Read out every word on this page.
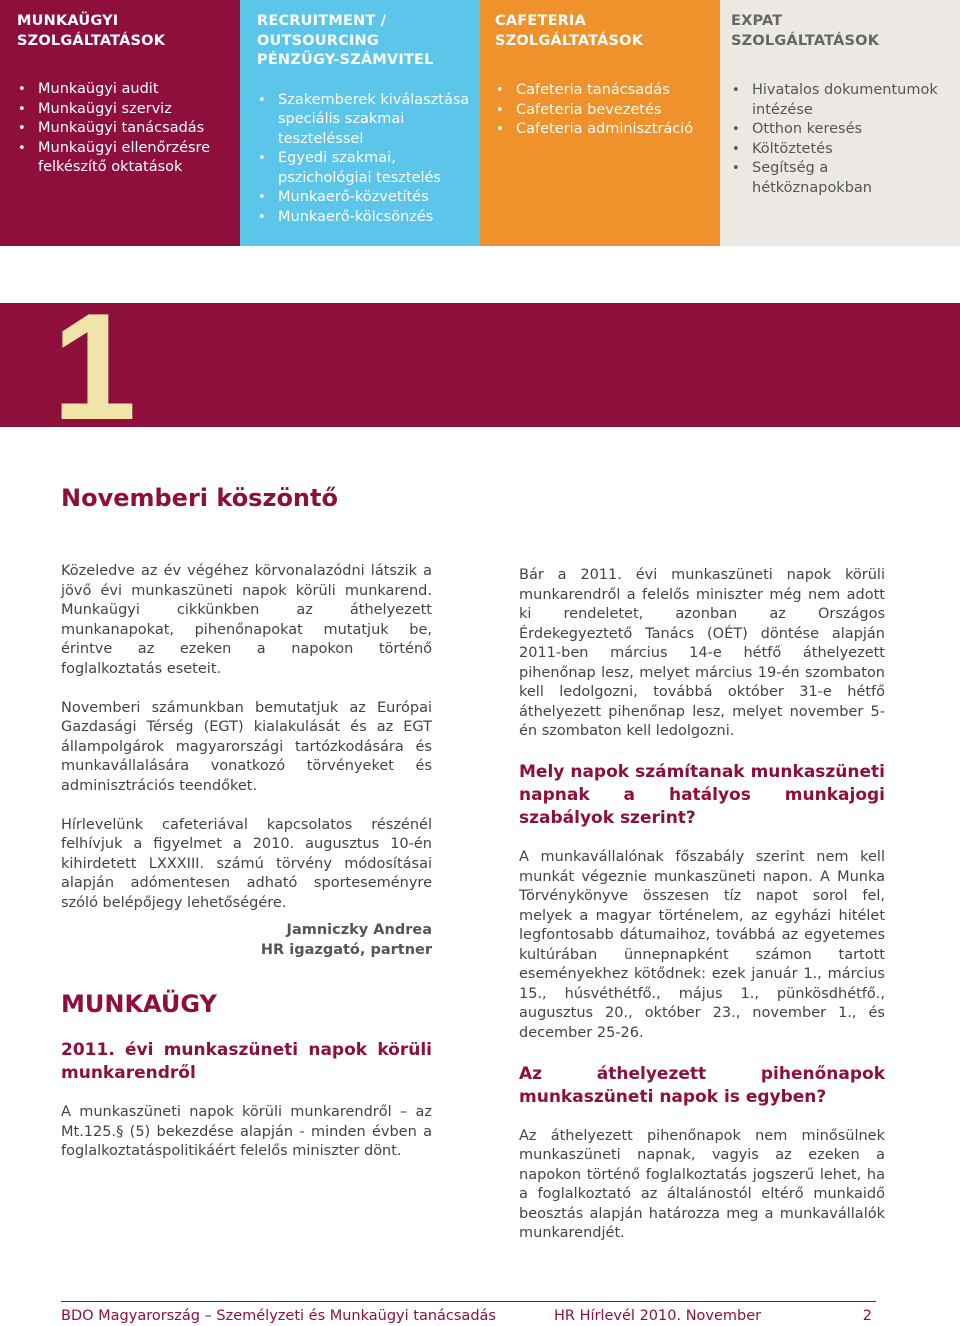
MUNKAÜGYI
SZOLGÁLTATÁSOK
• Munkaügyi audit
• Munkaügyi szerviz
• Munkaügyi tanácsadás
• Munkaügyi ellenőrzésre felkészítő oktatások
RECRUITMENT /
OUTSOURCING
PÉNZÜGY-SZÁMVITEL
• Szakemberek kiválasztása speciális szakmai teszteléssel
• Egyedi szakmai, pszichológiai tesztelés
• Munkaerő-közvetítés
• Munkaerő-kölcsönzés
CAFETERIA
SZOLGÁLTATÁSOK
• Cafeteria tanácsadás
• Cafeteria bevezetés
• Cafeteria adminisztráció
EXPAT
SZOLGÁLTATÁSOK
• Hivatalos dokumentumok intézése
• Otthon keresés
• Költöztetés
• Segítség a hétköznapokban
1
Novemberi köszöntő

Közeledve az év végéhez körvonalazódni látszik a jövő évi munkaszüneti napok körüli munkarend. Munkaügyi cikkünkben az áthelyezett munkanapokat, pihenőnapokat mutatjuk be, érintve az ezeken a napokon történő foglalkoztatás eseteit.

Novemberi számunkban bemutatjuk az Európai Gazdasági Térség (EGT) kialakulását és az EGT állampolgárok magyarországi tartózkodására és munkavállalására vonatkozó törvényeket és adminisztrációs teendőket.

Hírlevelünk cafeteriával kapcsolatos részénél felhívjuk a figyelmet a 2010. augusztus 10-én kihirdetett LXXXIII. számú törvény módosításai alapján adómentesen adható sporteseményre szóló belépőjegy lehetőségére.

Jamniczky Andrea
HR igazgató, partner
MUNKAÜGY
2011. évi munkaszüneti napok körüli munkarendről

A munkaszüneti napok körüli munkarendről – az Mt.125.§ (5) bekezdése alapján - minden évben a foglalkoztatáspolitikáért felelős miniszter dönt.

Bár a 2011. évi munkaszüneti napok körüli munkarendről a felelős miniszter még nem adott ki rendeletet, azonban az Országos Érdekegyeztető Tanács (OÉT) döntése alapján 2011-ben március 14-e hétfő áthelyezett pihenőnap lesz, melyet március 19-én szombaton kell ledolgozni, továbbá október 31-e hétfő áthelyezett pihenőnap lesz, melyet november 5-én szombaton kell ledolgozni.

Mely napok számítanak munkaszüneti napnak a hatályos munkajogi szabályok szerint?

A munkavállalónak főszabály szerint nem kell munkát végeznie munkaszüneti napon. A Munka Törvénykönyve összesen tíz napot sorol fel, melyek a magyar történelem, az egyházi hitélet legfontosabb dátumaihoz, továbbá az egyetemes kultúrában ünnepnapként számon tartott eseményekhez kötődnek: ezek január 1., március 15., húsvéthétfő., május 1., pünkösdhétfő., augusztus 20., október 23., november 1., és december 25-26.

Az áthelyezett pihenőnapok munkaszüneti napok is egyben?

Az áthelyezett pihenőnapok nem minősülnek munkaszüneti napnak, vagyis az ezeken a napokon történő foglalkoztatás jogszerű lehet, ha a foglalkoztató az általánostól eltérő munkaidő beosztás alapján határozza meg a munkavállalók munkarendjét.

BDO Magyarország – Személyzeti és Munkaügyi tanácsadás	HR Hírlevél 2010. November	2
